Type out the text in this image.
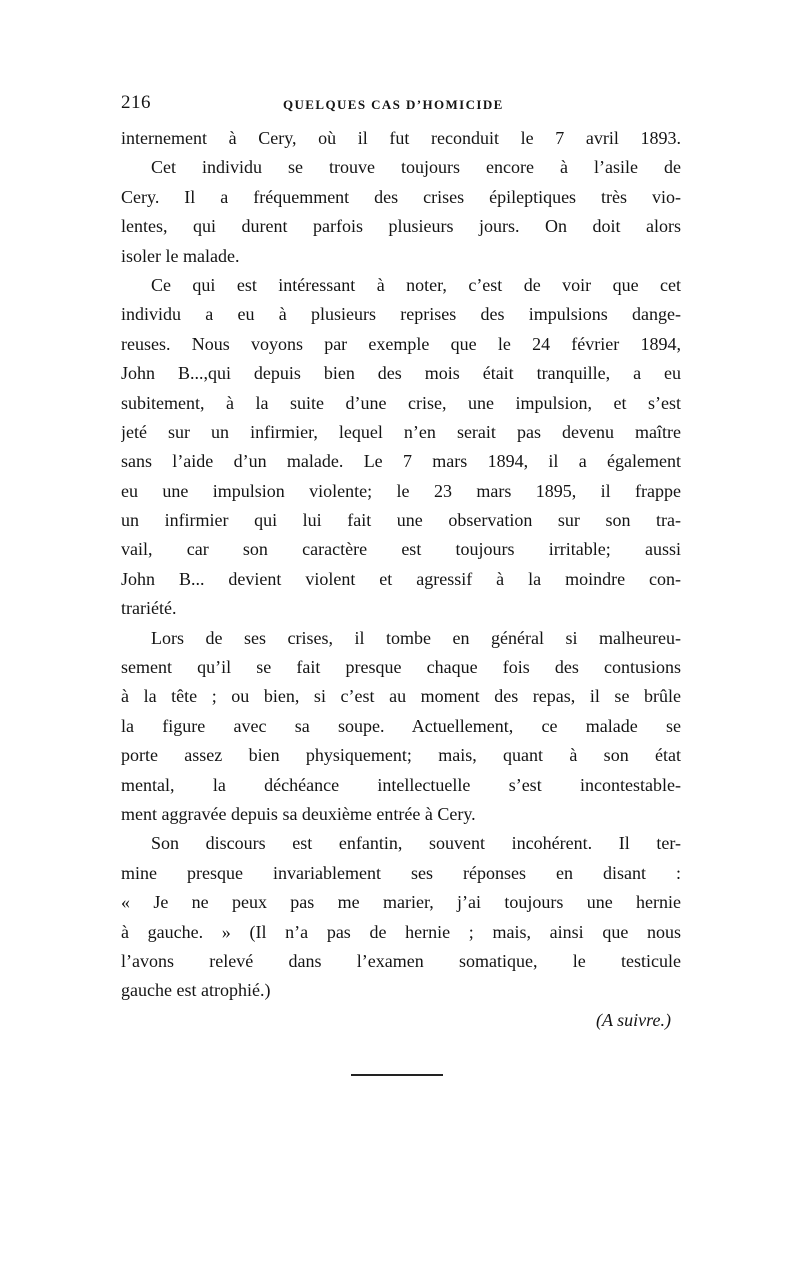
216	QUELQUES CAS D’HOMICIDE
internement à Cery, où il fut reconduit le 7 avril 1893.
Cet individu se trouve toujours encore à l’asile de
Cery. Il a fréquemment des crises épileptiques très vio-
lentes, qui durent parfois plusieurs jours. On doit alors
isoler le malade.
Ce qui est intéressant à noter, c’est de voir que cet
individu a eu à plusieurs reprises des impulsions dange-
reuses. Nous voyons par exemple que le 24 février 1894,
John B...,qui depuis bien des mois était tranquille, a eu
subitement, à la suite d’une crise, une impulsion, et s’est
jeté sur un infirmier, lequel n’en serait pas devenu maître
sans l’aide d’un malade. Le 7 mars 1894, il a également
eu une impulsion violente; le 23 mars 1895, il frappe
un infirmier qui lui fait une observation sur son tra-
vail, car son caractère est toujours irritable; aussi
John B... devient violent et agressif à la moindre con-
trariété.
Lors de ses crises, il tombe en général si malheureu-
sement qu’il se fait presque chaque fois des contusions
à la tête ; ou bien, si c’est au moment des repas, il se brûle
la figure avec sa soupe. Actuellement, ce malade se
porte assez bien physiquement; mais, quant à son état
mental, la déchéance intellectuelle s’est incontestable-
ment aggravée depuis sa deuxième entrée à Cery.
Son discours est enfantin, souvent incohérent. Il ter-
mine presque invariablement ses réponses en disant :
« Je ne peux pas me marier, j’ai toujours une hernie
à gauche. » (Il n’a pas de hernie ; mais, ainsi que nous
l’avons relevé dans l’examen somatique, le testicule
gauche est atrophié.)
(A suivre.)
